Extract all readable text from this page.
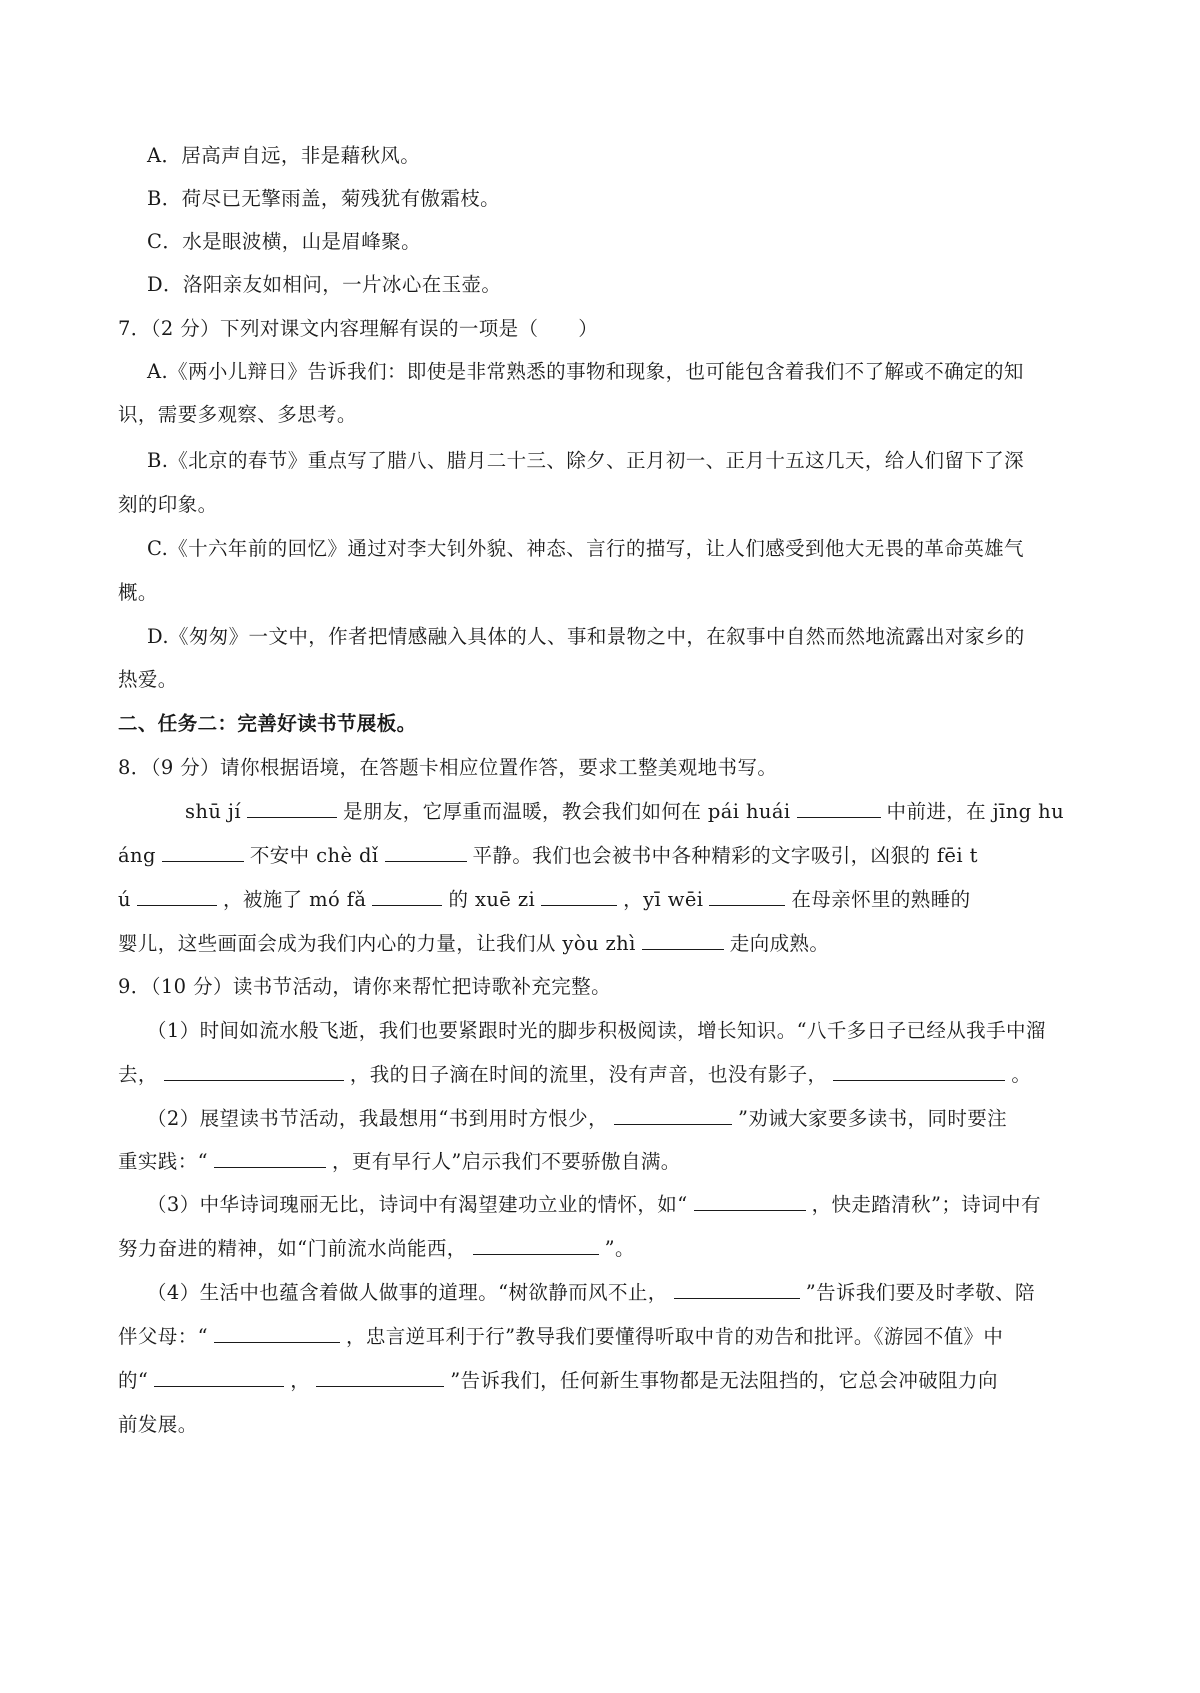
A．居高声自远，非是藉秋风。
B．荷尽已无擎雨盖，菊残犹有傲霜枝。
C．水是眼波横，山是眉峰聚。
D．洛阳亲友如相问，一片冰心在玉壶。
7．（2 分）下列对课文内容理解有误的一项是（　　）
A.《两小儿辩日》告诉我们：即使是非常熟悉的事物和现象，也可能包含着我们不了解或不确定的知
识，需要多观察、多思考。
B.《北京的春节》重点写了腊八、腊月二十三、除夕、正月初一、正月十五这几天，给人们留下了深
刻的印象。
C.《十六年前的回忆》通过对李大钊外貌、神态、言行的描写，让人们感受到他大无畏的革命英雄气
概。
D.《匆匆》一文中，作者把情感融入具体的人、事和景物之中，在叙事中自然而然地流露出对家乡的
热爱。
二、任务二：完善好读书节展板。
8．（9 分）请你根据语境，在答题卡相应位置作答，要求工整美观地书写。
shū jí	是朋友，它厚重而温暖，教会我们如何在 pái huái	中前进，在 jīng hu
áng	不安中 chè dǐ	平静。我们也会被书中各种精彩的文字吸引，凶狠的 fēi t
ú	，被施了 mó fǎ	的 xuē zi	，yī wēi	在母亲怀里的熟睡的
婴儿，这些画面会成为我们内心的力量，让我们从 yòu zhì	走向成熟。
9．（10 分）读书节活动，请你来帮忙把诗歌补充完整。
（1）时间如流水般飞逝，我们也要紧跟时光的脚步积极阅读，增长知识。“八千多日子已经从我手中溜
去，	，我的日子滴在时间的流里，没有声音，也没有影子，	。
（2）展望读书节活动，我最想用“书到用时方恨少，	”劝诫大家要多读书，同时要注
重实践：“	，更有早行人”启示我们不要骄傲自满。
（3）中华诗词瑰丽无比，诗词中有渴望建功立业的情怀，如“	，快走踏清秋”；诗词中有
努力奋进的精神，如“门前流水尚能西，	”。
（4）生活中也蕴含着做人做事的道理。“树欲静而风不止，	”告诉我们要及时孝敬、陪
伴父母：“	，忠言逆耳利于行”教导我们要懂得听取中肯的劝告和批评。《游园不值》中
的“	，	”告诉我们，任何新生事物都是无法阻挡的，它总会冲破阻力向
前发展。
